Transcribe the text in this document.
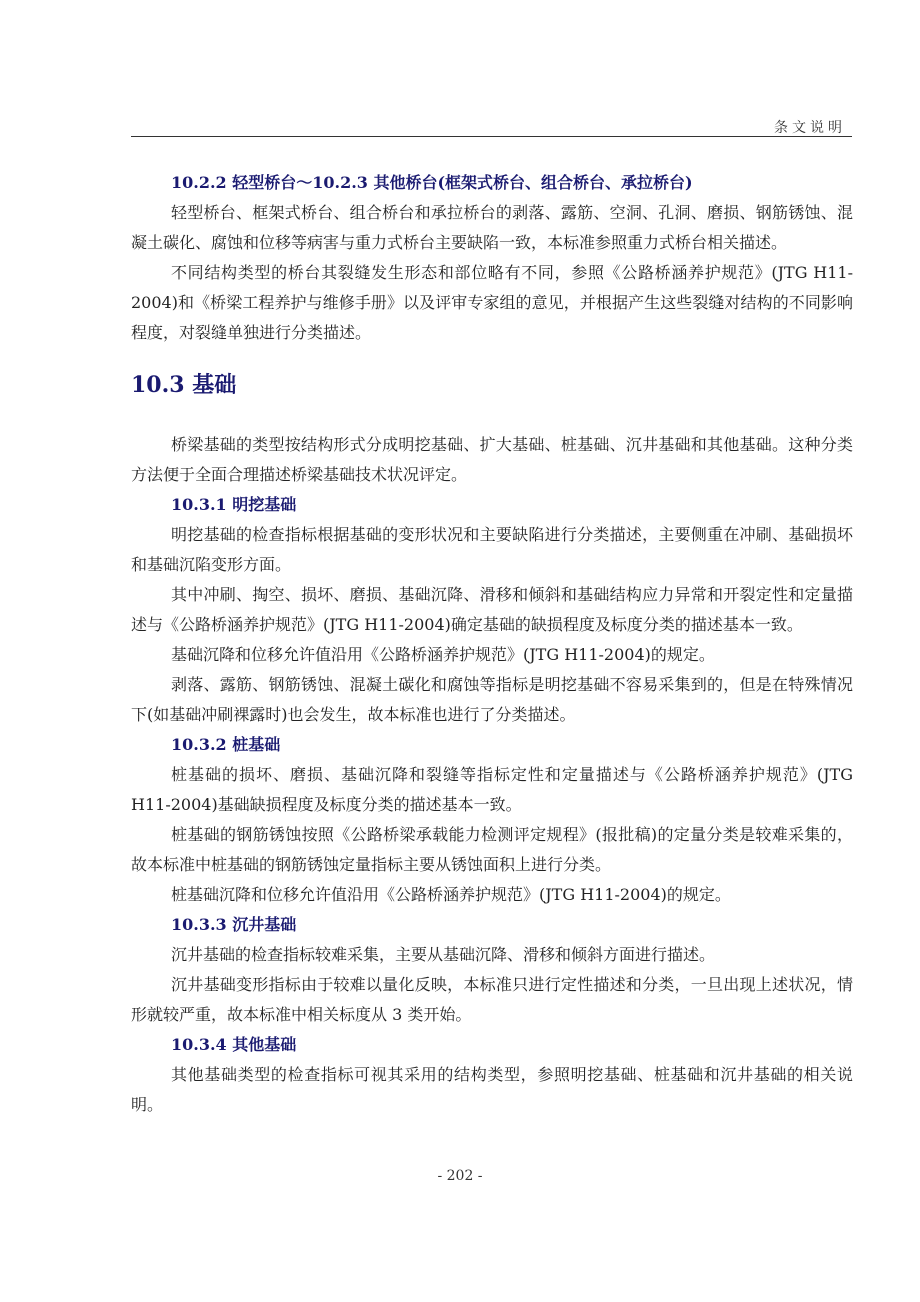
条文说明
10.2.2 轻型桥台～10.2.3 其他桥台(框架式桥台、组合桥台、承拉桥台)

轻型桥台、框架式桥台、组合桥台和承拉桥台的剥落、露筋、空洞、孔洞、磨损、钢筋锈蚀、混凝土碳化、腐蚀和位移等病害与重力式桥台主要缺陷一致，本标准参照重力式桥台相关描述。

不同结构类型的桥台其裂缝发生形态和部位略有不同，参照《公路桥涵养护规范》(JTG H11-2004)和《桥梁工程养护与维修手册》以及评审专家组的意见，并根据产生这些裂缝对结构的不同影响程度，对裂缝单独进行分类描述。

10.3 基础

桥梁基础的类型按结构形式分成明挖基础、扩大基础、桩基础、沉井基础和其他基础。这种分类方法便于全面合理描述桥梁基础技术状况评定。

10.3.1 明挖基础

明挖基础的检查指标根据基础的变形状况和主要缺陷进行分类描述，主要侧重在冲刷、基础损坏和基础沉陷变形方面。

其中冲刷、掏空、损坏、磨损、基础沉降、滑移和倾斜和基础结构应力异常和开裂定性和定量描述与《公路桥涵养护规范》(JTG H11-2004)确定基础的缺损程度及标度分类的描述基本一致。

基础沉降和位移允许值沿用《公路桥涵养护规范》(JTG H11-2004)的规定。

剥落、露筋、钢筋锈蚀、混凝土碳化和腐蚀等指标是明挖基础不容易采集到的，但是在特殊情况下(如基础冲刷裸露时)也会发生，故本标准也进行了分类描述。

10.3.2 桩基础

桩基础的损坏、磨损、基础沉降和裂缝等指标定性和定量描述与《公路桥涵养护规范》(JTG H11-2004)基础缺损程度及标度分类的描述基本一致。

桩基础的钢筋锈蚀按照《公路桥梁承载能力检测评定规程》(报批稿)的定量分类是较难采集的，故本标准中桩基础的钢筋锈蚀定量指标主要从锈蚀面积上进行分类。

桩基础沉降和位移允许值沿用《公路桥涵养护规范》(JTG H11-2004)的规定。

10.3.3 沉井基础

沉井基础的检查指标较难采集，主要从基础沉降、滑移和倾斜方面进行描述。

沉井基础变形指标由于较难以量化反映，本标准只进行定性描述和分类，一旦出现上述状况，情形就较严重，故本标准中相关标度从 3 类开始。

10.3.4 其他基础

其他基础类型的检查指标可视其采用的结构类型，参照明挖基础、桩基础和沉井基础的相关说明。

- 202 -
